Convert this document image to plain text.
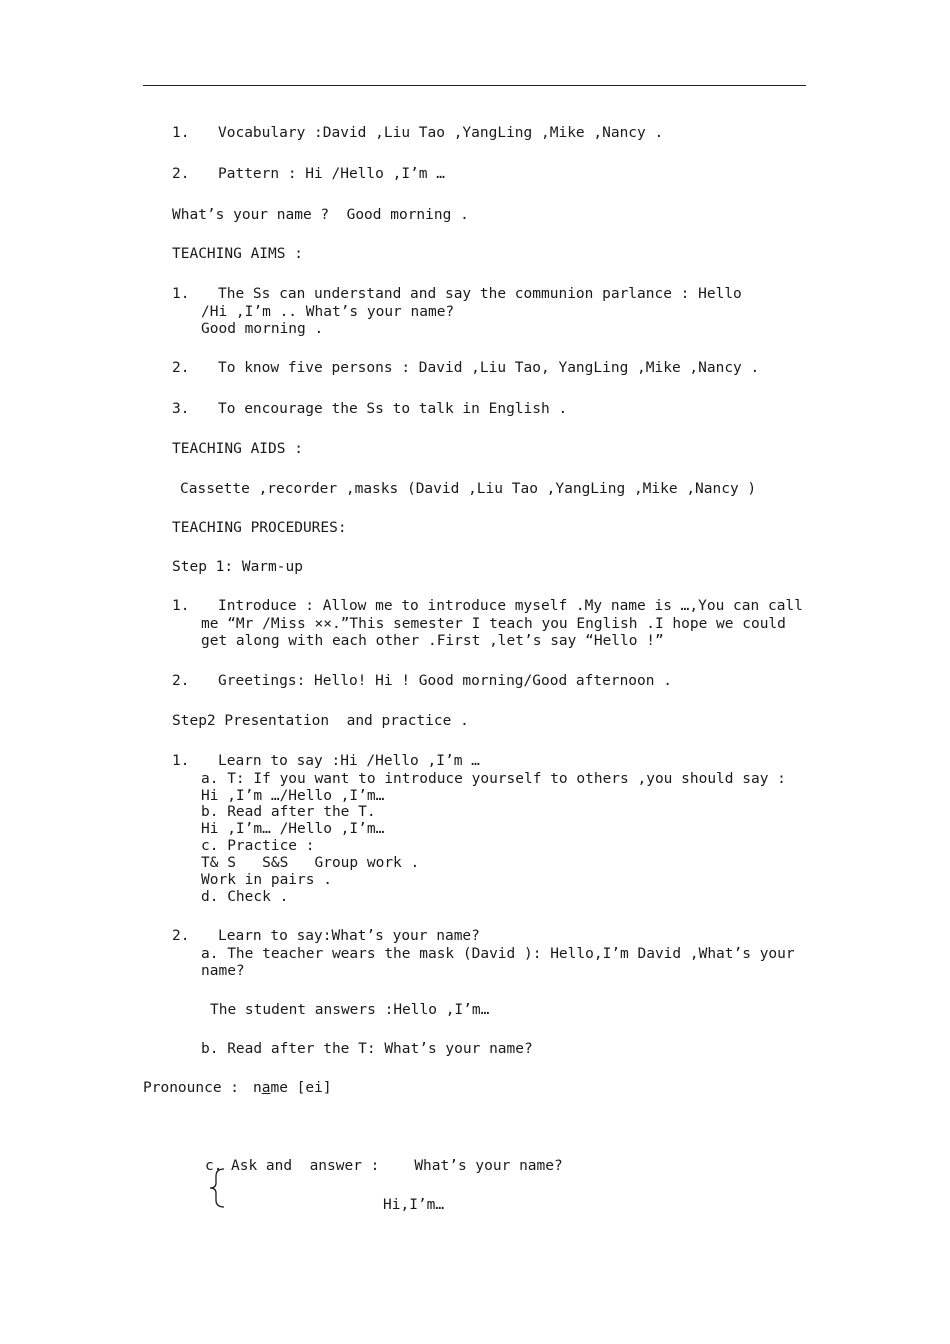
1. Vocabulary :David ,Liu Tao ,YangLing ,Mike ,Nancy .
2. Pattern : Hi /Hello ,I’m …
What’s your name ?  Good morning .
TEACHING AIMS :
1. The Ss can understand and say the communion parlance : Hello
/Hi ,I’m .. What’s your name?
Good morning .
2. To know five persons : David ,Liu Tao, YangLing ,Mike ,Nancy .
3. To encourage the Ss to talk in English .
TEACHING AIDS :
Cassette ,recorder ,masks (David ,Liu Tao ,YangLing ,Mike ,Nancy )
TEACHING PROCEDURES:
Step 1: Warm-up
1. Introduce : Allow me to introduce myself .My name is …,You can call
me “Mr /Miss ××.”This semester I teach you English .I hope we could
get along with each other .First ,let’s say “Hello !”
2. Greetings: Hello! Hi ! Good morning/Good afternoon .
Step2 Presentation  and practice .
1. Learn to say :Hi /Hello ,I’m …
a. T: If you want to introduce yourself to others ,you should say :
Hi ,I’m …/Hello ,I’m…
b. Read after the T.
Hi ,I’m… /Hello ,I’m…
c. Practice :
T& S   S&S   Group work .
Work in pairs .
d. Check .
2. Learn to say:What’s your name?
a. The teacher wears the mask (David ): Hello,I’m David ,What’s your
name?
The student answers :Hello ,I’m…
b. Read after the T: What’s your name?
Pronounce : name [ei]
c. Ask and  answer :    What’s your name?
Hi,I’m…
